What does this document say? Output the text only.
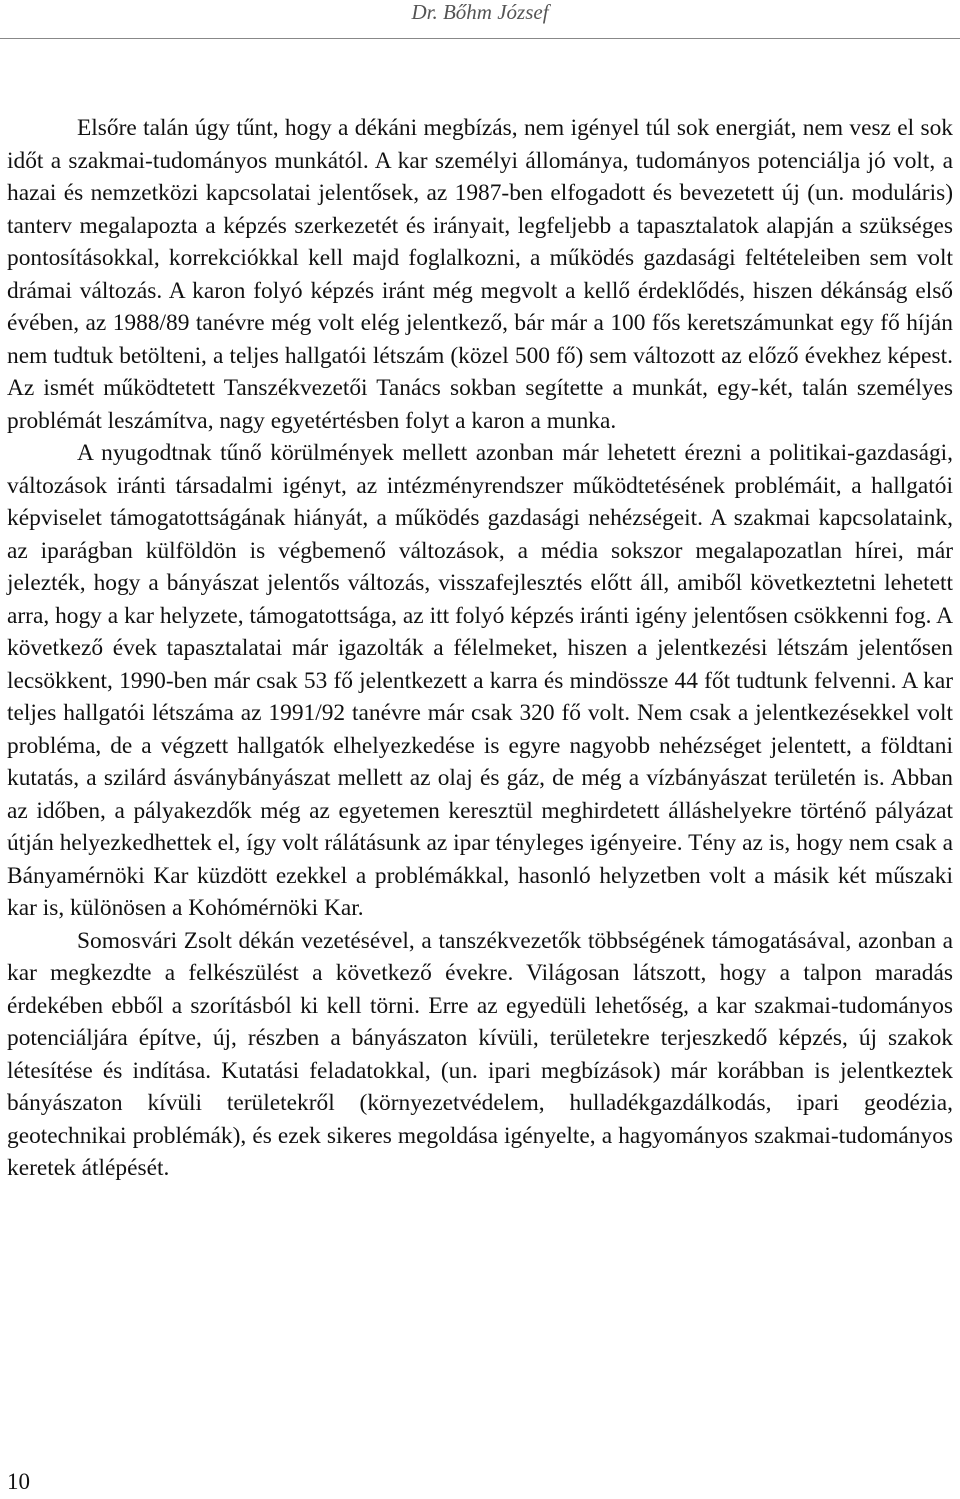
Dr. Bőhm József

Elsőre talán úgy tűnt, hogy a dékáni megbízás, nem igényel túl sok energiát, nem vesz el sok időt a szakmai-tudományos munkától. A kar személyi állománya, tudományos potenciálja jó volt, a hazai és nemzetközi kapcsolatai jelentősek, az 1987-ben elfogadott és bevezetett új (un. moduláris) tanterv megalapozta a képzés szerkezetét és irányait, legfeljebb a tapasztalatok alapján a szükséges pontosításokkal, korrekciókkal kell majd foglalkozni, a működés gazdasági feltételeiben sem volt drámai változás. A karon folyó képzés iránt még megvolt a kellő érdeklődés, hiszen dékánság első évében, az 1988/89 tanévre még volt elég jelentkező, bár már a 100 fős keretszámunkat egy fő híján nem tudtuk betölteni, a teljes hallgatói létszám (közel 500 fő) sem változott az előző évekhez képest. Az ismét működtetett Tanszékvezetői Tanács sokban segítette a munkát, egy-két, talán személyes problémát leszámítva, nagy egyetértésben folyt a karon a munka.

A nyugodtnak tűnő körülmények mellett azonban már lehetett érezni a politikai-gazdasági, változások iránti társadalmi igényt, az intézményrendszer működtetésének problémáit, a hallgatói képviselet támogatottságának hiányát, a működés gazdasági nehézségeit. A szakmai kapcsolataink, az iparágban külföldön is végbemenő változások, a média sokszor megalapozatlan hírei, már jelezték, hogy a bányászat jelentős változás, visszafejlesztés előtt áll, amiből következtetni lehetett arra, hogy a kar helyzete, támogatottsága, az itt folyó képzés iránti igény jelentősen csökkenni fog. A következő évek tapasztalatai már igazolták a félelmeket, hiszen a jelentkezési létszám jelentősen lecsökkent, 1990-ben már csak 53 fő jelentkezett a karra és mindössze 44 főt tudtunk felvenni. A kar teljes hallgatói létszáma az 1991/92 tanévre már csak 320 fő volt. Nem csak a jelentkezésekkel volt probléma, de a végzett hallgatók elhelyezkedése is egyre nagyobb nehézséget jelentett, a földtani kutatás, a szilárd ásványbányászat mellett az olaj és gáz, de még a vízbányászat területén is. Abban az időben, a pályakezdők még az egyetemen keresztül meghirdetett álláshelyekre történő pályázat útján helyezkedhettek el, így volt rálátásunk az ipar tényleges igényeire. Tény az is, hogy nem csak a Bányamérnöki Kar küzdött ezekkel a problémákkal, hasonló helyzetben volt a másik két műszaki kar is, különösen a Kohómérnöki Kar.

Somosvári Zsolt dékán vezetésével, a tanszékvezetők többségének támogatásával, azonban a kar megkezdte a felkészülést a következő évekre. Világosan látszott, hogy a talpon maradás érdekében ebből a szorításból ki kell törni. Erre az egyedüli lehetőség, a kar szakmai-tudományos potenciáljára építve, új, részben a bányászaton kívüli, területekre terjeszkedő képzés, új szakok létesítése és indítása. Kutatási feladatokkal, (un. ipari megbízások) már korábban is jelentkeztek bányászaton kívüli területekről (környezetvédelem, hulladékgazdálkodás, ipari geodézia, geotechnikai problémák), és ezek sikeres megoldása igényelte, a hagyományos szakmai-tudományos keretek átlépését.

10
